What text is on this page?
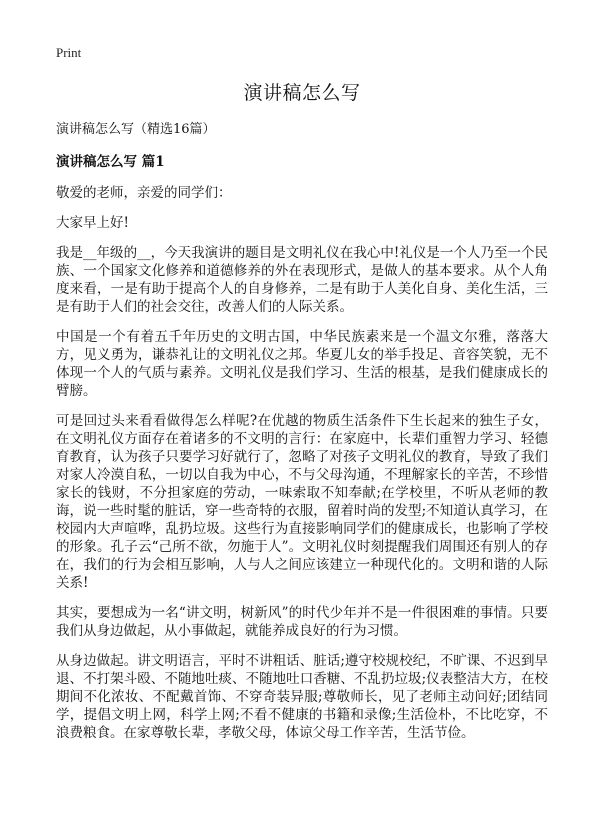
Print
演讲稿怎么写

演讲稿怎么写（精选16篇）

演讲稿怎么写 篇1

敬爱的老师，亲爱的同学们：

大家早上好!

我是__年级的__，今天我演讲的题目是文明礼仪在我心中!礼仪是一个人乃至一个民族、一个国家文化修养和道德修养的外在表现形式，是做人的基本要求。从个人角度来看，一是有助于提高个人的自身修养，二是有助于人美化自身、美化生活，三是有助于人们的社会交往，改善人们的人际关系。

中国是一个有着五千年历史的文明古国，中华民族素来是一个温文尔雅，落落大方，见义勇为，谦恭礼让的文明礼仪之邦。华夏儿女的举手投足、音容笑貌，无不体现一个人的气质与素养。文明礼仪是我们学习、生活的根基，是我们健康成长的臂膀。

可是回过头来看看做得怎么样呢?在优越的物质生活条件下生长起来的独生子女，在文明礼仪方面存在着诸多的不文明的言行：在家庭中，长辈们重智力学习、轻德育教育，认为孩子只要学习好就行了，忽略了对孩子文明礼仪的教育，导致了我们对家人冷漠自私，一切以自我为中心，不与父母沟通，不理解家长的辛苦，不珍惜家长的钱财，不分担家庭的劳动，一味索取不知奉献;在学校里，不听从老师的教诲，说一些时髦的脏话，穿一些奇特的衣服，留着时尚的发型;不知道认真学习，在校园内大声喧哗，乱扔垃圾。这些行为直接影响同学们的健康成长，也影响了学校的形象。孔子云“己所不欲，勿施于人”。文明礼仪时刻提醒我们周围还有别人的存在，我们的行为会相互影响，人与人之间应该建立一种现代化的。文明和谐的人际关系!

其实，要想成为一名“讲文明，树新风”的时代少年并不是一件很困难的事情。只要我们从身边做起，从小事做起，就能养成良好的行为习惯。

从身边做起。讲文明语言，平时不讲粗话、脏话;遵守校规校纪，不旷课、不迟到早退、不打架斗殴、不随地吐痰、不随地吐口香糖、不乱扔垃圾;仪表整洁大方，在校期间不化浓妆、不配戴首饰、不穿奇装异服;尊敬师长，见了老师主动问好;团结同学，提倡文明上网，科学上网;不看不健康的书籍和录像;生活俭朴，不比吃穿，不浪费粮食。在家尊敬长辈，孝敬父母，体谅父母工作辛苦，生活节俭。
